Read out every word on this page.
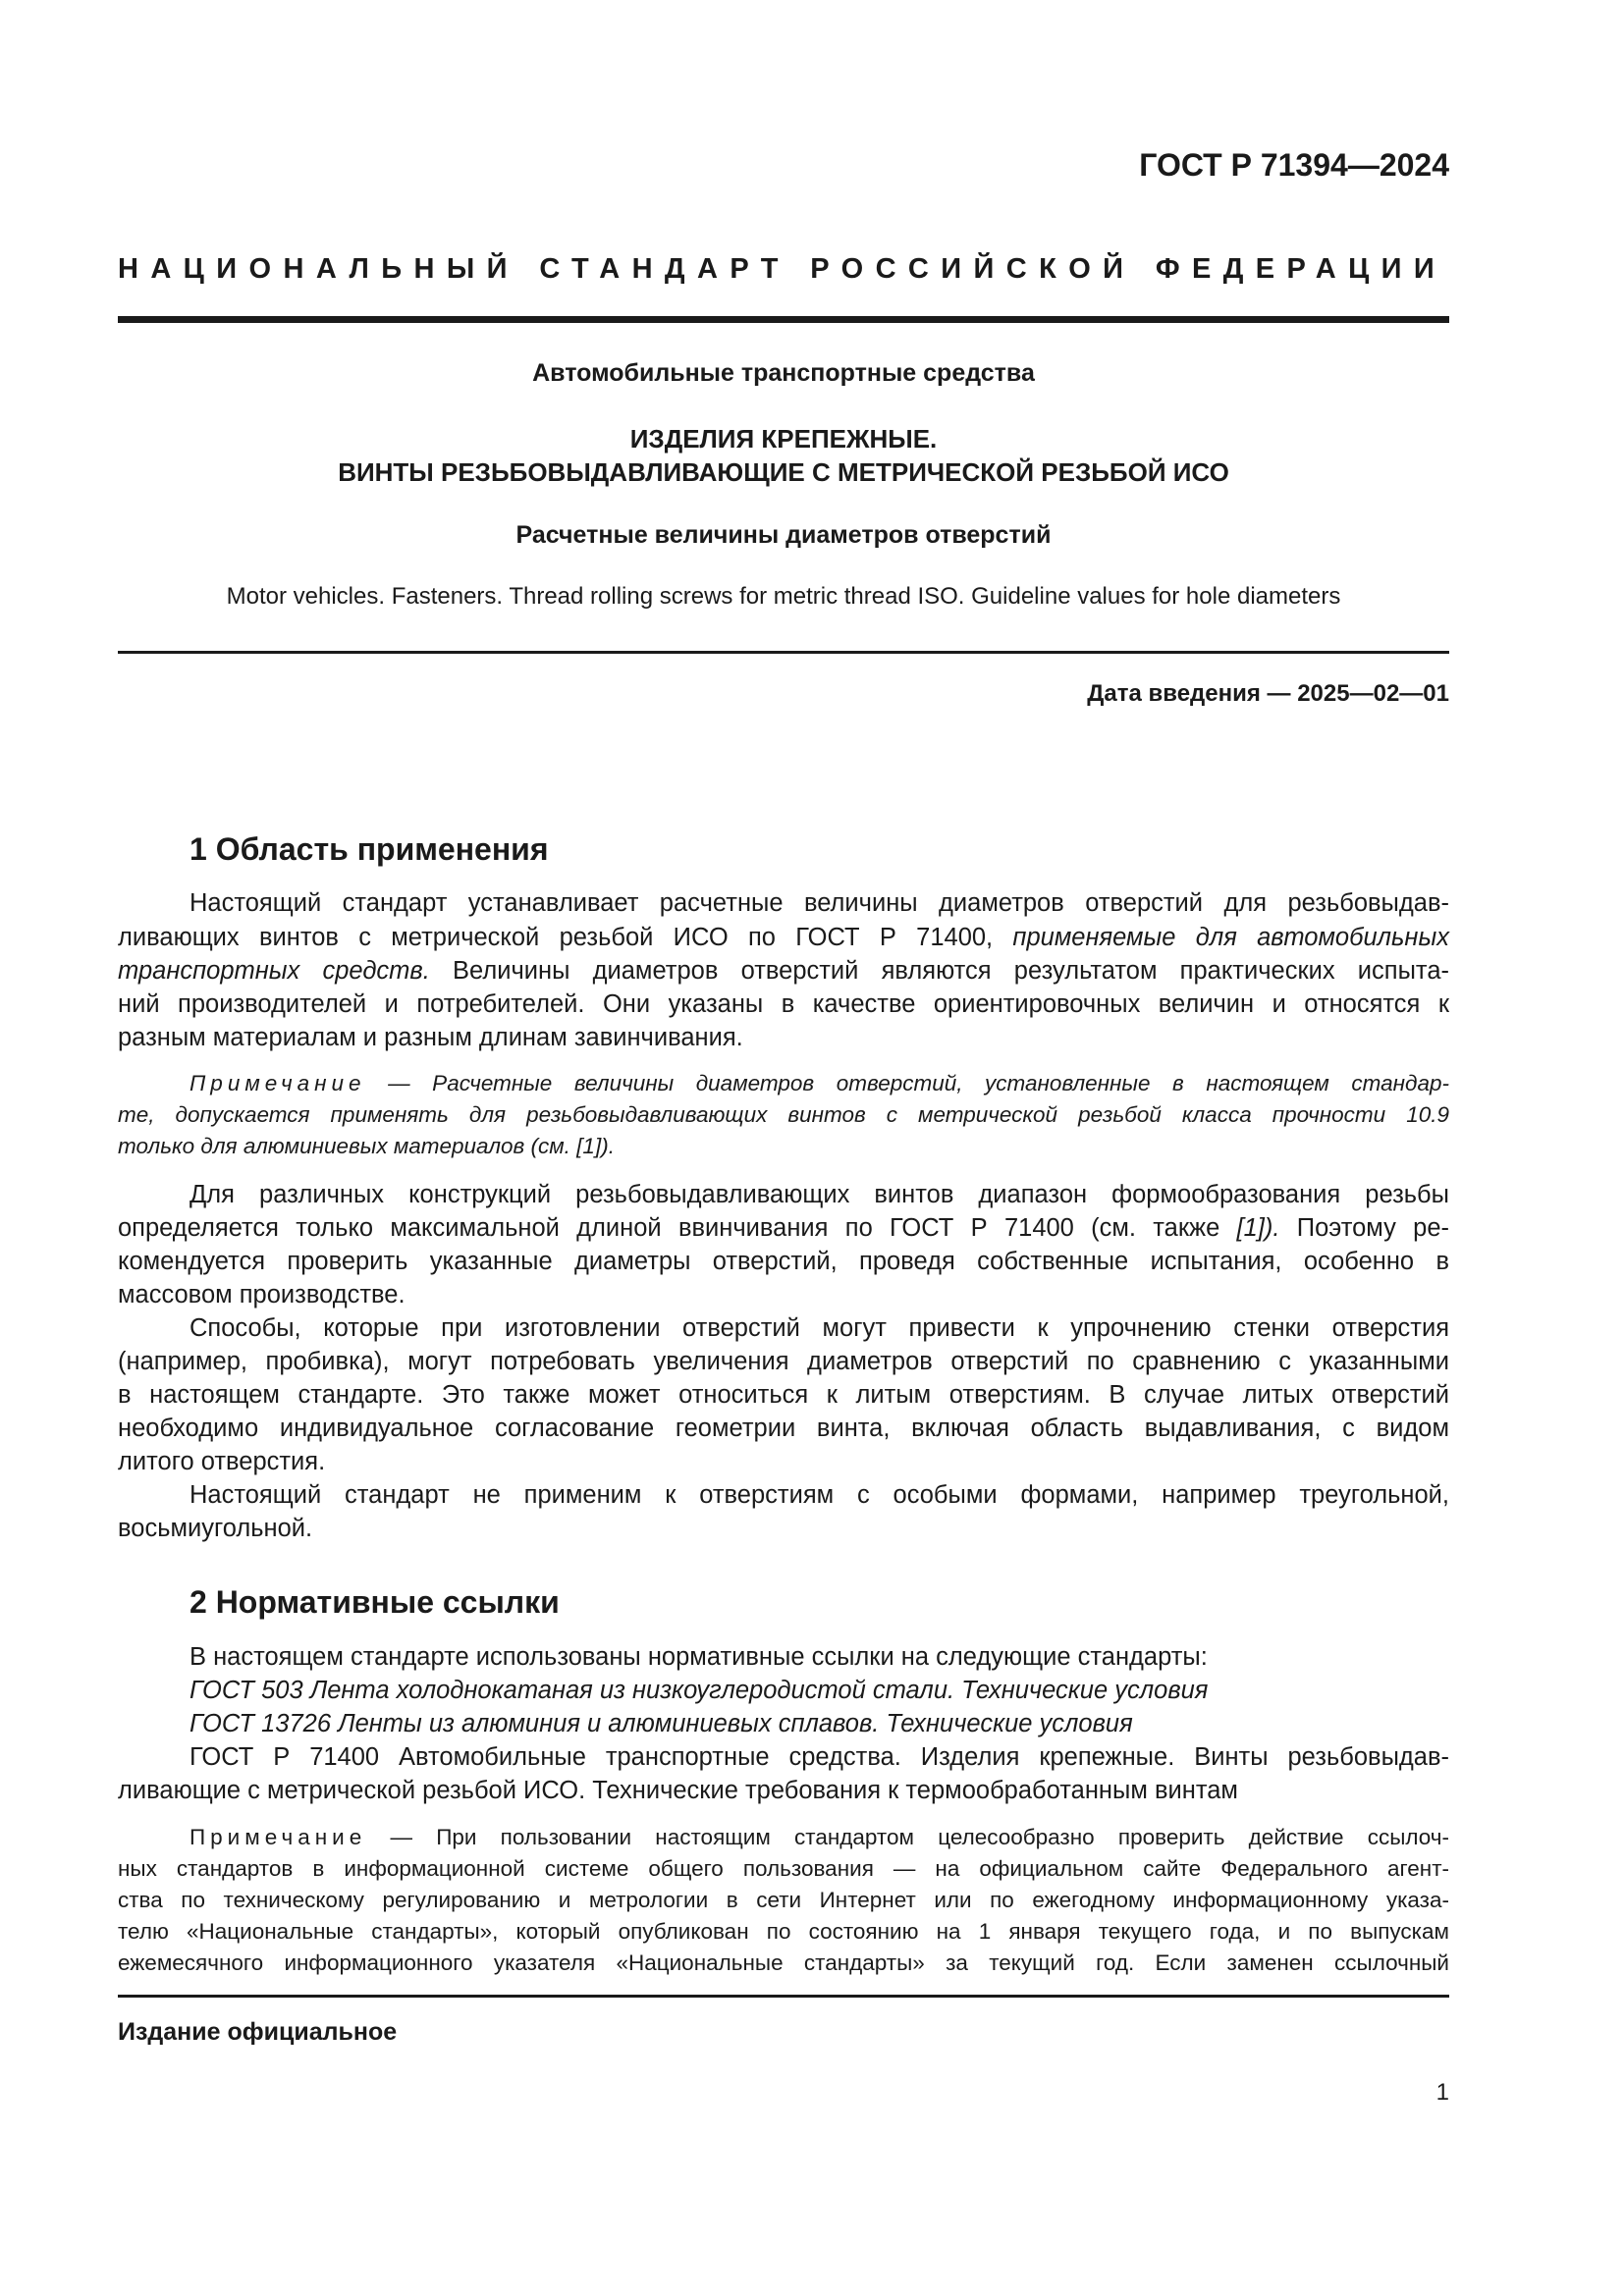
ГОСТ Р 71394—2024
НАЦИОНАЛЬНЫЙ СТАНДАРТ РОССИЙСКОЙ ФЕДЕРАЦИИ
Автомобильные транспортные средства
ИЗДЕЛИЯ КРЕПЕЖНЫЕ.
ВИНТЫ РЕЗЬБОВЫДАВЛИВАЮЩИЕ С МЕТРИЧЕСКОЙ РЕЗЬБОЙ ИСО
Расчетные величины диаметров отверстий
Motor vehicles. Fasteners. Thread rolling screws for metric thread ISO. Guideline values for hole diameters
Дата введения — 2025—02—01
1 Область применения
Настоящий стандарт устанавливает расчетные величины диаметров отверстий для резьбовыдав-
ливающих винтов с метрической резьбой ИСО по ГОСТ Р 71400, применяемые для автомобильных
транспортных средств. Величины диаметров отверстий являются результатом практических испыта-
ний производителей и потребителей. Они указаны в качестве ориентировочных величин и относятся к
разным материалам и разным длинам завинчивания.
Примечание — Расчетные величины диаметров отверстий, установленные в настоящем стандар-
те, допускается применять для резьбовыдавливающих винтов с метрической резьбой класса прочности 10.9
только для алюминиевых материалов (см. [1]).
Для различных конструкций резьбовыдавливающих винтов диапазон формообразования резьбы
определяется только максимальной длиной ввинчивания по ГОСТ Р 71400 (см. также [1]). Поэтому ре-
комендуется проверить указанные диаметры отверстий, проведя собственные испытания, особенно в
массовом производстве.
Способы, которые при изготовлении отверстий могут привести к упрочнению стенки отверстия
(например, пробивка), могут потребовать увеличения диаметров отверстий по сравнению с указанными
в настоящем стандарте. Это также может относиться к литым отверстиям. В случае литых отверстий
необходимо индивидуальное согласование геометрии винта, включая область выдавливания, с видом
литого отверстия.
Настоящий стандарт не применим к отверстиям с особыми формами, например треугольной,
восьмиугольной.
2 Нормативные ссылки
В настоящем стандарте использованы нормативные ссылки на следующие стандарты:
ГОСТ 503 Лента холоднокатаная из низкоуглеродистой стали. Технические условия
ГОСТ 13726 Ленты из алюминия и алюминиевых сплавов. Технические условия
ГОСТ Р 71400 Автомобильные транспортные средства. Изделия крепежные. Винты резьбовыдав-
ливающие с метрической резьбой ИСО. Технические требования к термообработанным винтам
Примечание — При пользовании настоящим стандартом целесообразно проверить действие ссылоч-
ных стандартов в информационной системе общего пользования — на официальном сайте Федерального агент-
ства по техническому регулированию и метрологии в сети Интернет или по ежегодному информационному указа-
телю «Национальные стандарты», который опубликован по состоянию на 1 января текущего года, и по выпускам
ежемесячного информационного указателя «Национальные стандарты» за текущий год. Если заменен ссылочный
Издание официальное
1
